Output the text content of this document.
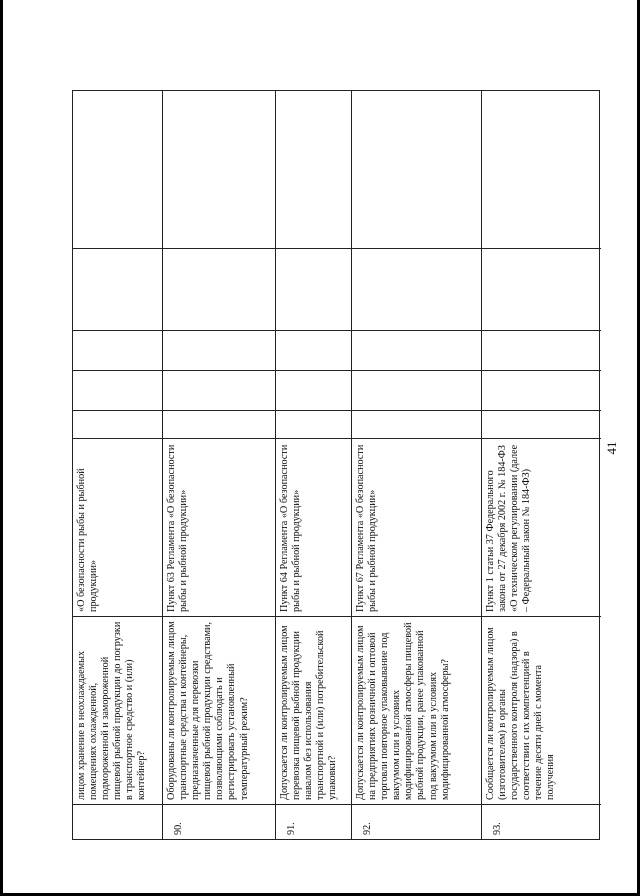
41
лицом хранение в неохлаждаемых помещениях охлажденной, подмороженной и замороженной пищевой рыбной продукции до погрузки в транспортное средство и (или) контейнер?
«О безопасности рыбы и рыбной продукции»
90.
Оборудованы ли контролируемым лицом транспортные средства и контейнеры, предназначенные для перевозки пищевой рыбной продукции средствами, позволяющими соблюдать и регистрировать установленный температурный режим?
Пункт 63 Регламента «О безопасности рыбы и рыбной продукции»
91.
Допускается ли контролируемым лицом перевозка пищевой рыбной продукции навалом без использования транспортной и (или) потребительской упаковки?
Пункт 64 Регламента «О безопасности рыбы и рыбной продукции»
92.
Допускается ли контролируемым лицом на предприятиях розничной и оптовой торговли повторное упаковывание под вакуумом или в условиях модифицированной атмосферы пищевой рыбной продукции, ранее упакованной под вакуумом или в условиях модифицированной атмосферы?
Пункт 67 Регламента «О безопасности рыбы и рыбной продукции»
93.
Сообщается ли контролируемым лицом (изготовителем) в органы государственного контроля (надзора) в соответствии с их компетенцией в течение десяти дней с момента получения
Пункт 1 статьи 37 Федерального закона от 27 декабря 2002 г. № 184-ФЗ «О техническом регулировании (далее – Федеральный закон № 184-ФЗ)
